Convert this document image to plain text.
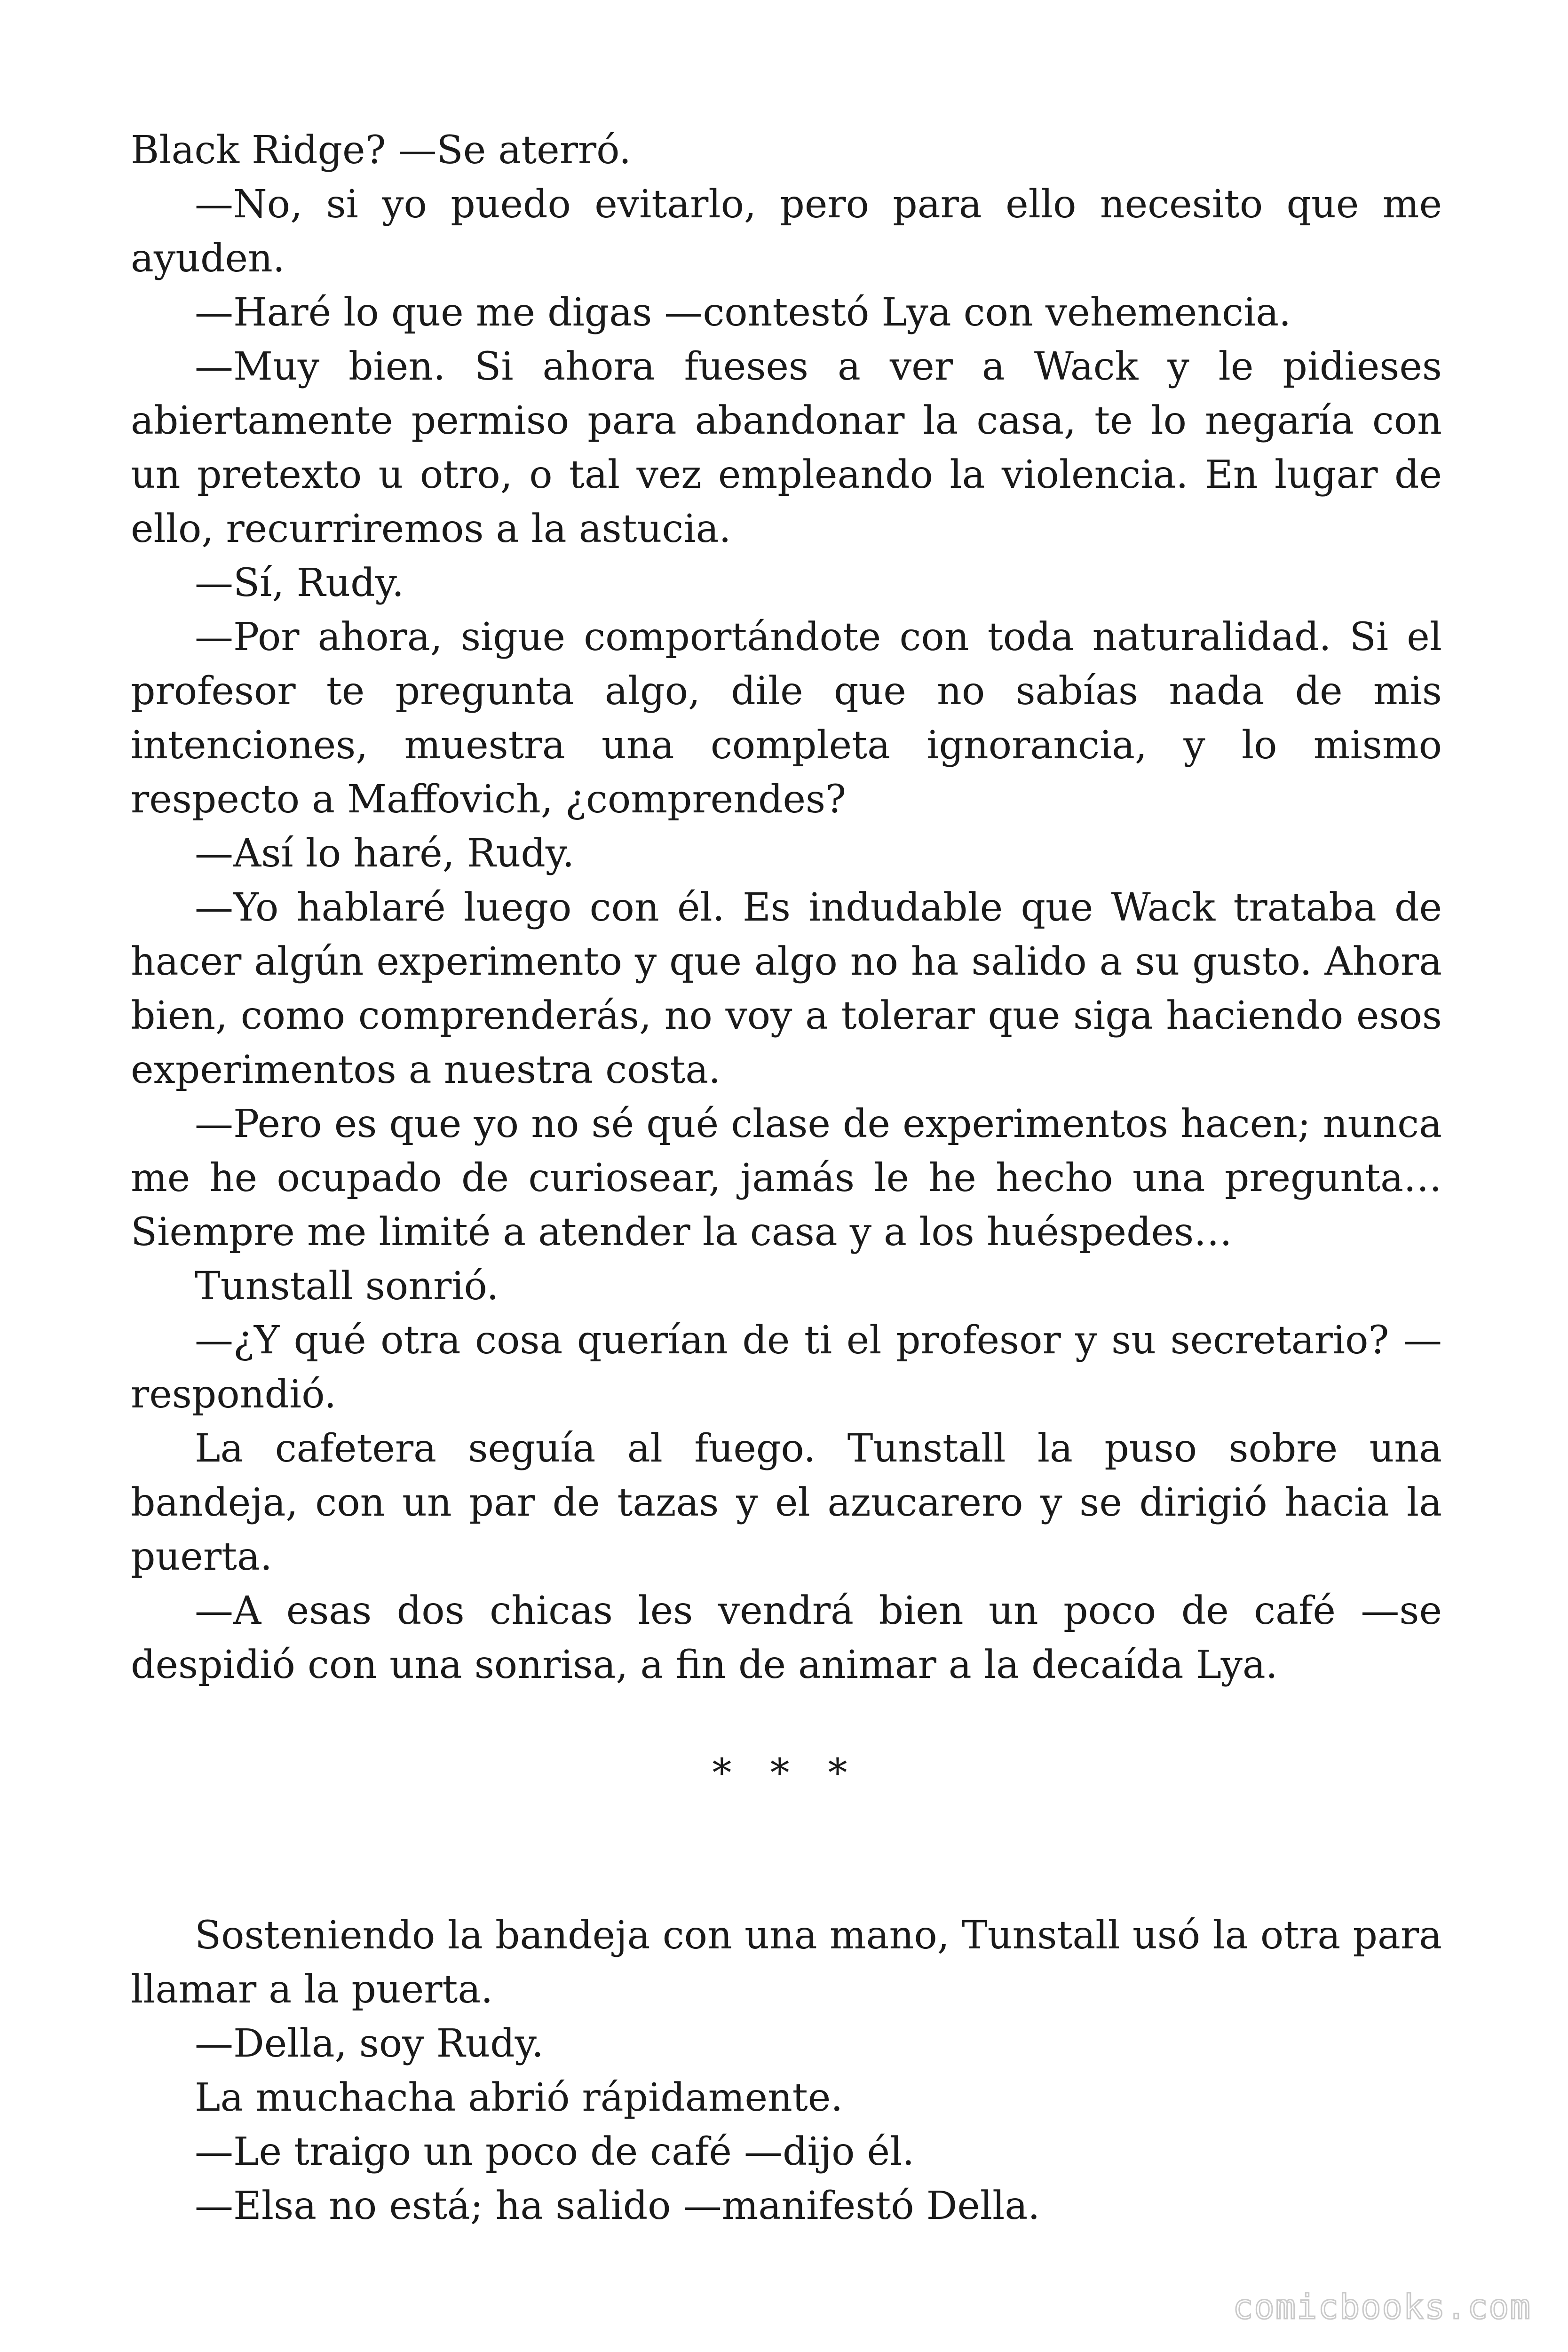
Black Ridge? —Se aterró.

—No, si yo puedo evitarlo, pero para ello necesito que me ayuden.

—Haré lo que me digas —contestó Lya con vehemencia.

—Muy bien. Si ahora fueses a ver a Wack y le pidieses abiertamente permiso para abandonar la casa, te lo negaría con un pretexto u otro, o tal vez empleando la violencia. En lugar de ello, recurriremos a la astucia.

—Sí, Rudy.

—Por ahora, sigue comportándote con toda naturalidad. Si el profesor te pregunta algo, dile que no sabías nada de mis intenciones, muestra una completa ignorancia, y lo mismo respecto a Maffovich, ¿comprendes?

—Así lo haré, Rudy.

—Yo hablaré luego con él. Es indudable que Wack trataba de hacer algún experimento y que algo no ha salido a su gusto. Ahora bien, como comprenderás, no voy a tolerar que siga haciendo esos experimentos a nuestra costa.

—Pero es que yo no sé qué clase de experimentos hacen; nunca me he ocupado de curiosear, jamás le he hecho una pregunta… Siempre me limité a atender la casa y a los huéspedes…

Tunstall sonrió.

—¿Y qué otra cosa querían de ti el profesor y su secretario? —respondió.

La cafetera seguía al fuego. Tunstall la puso sobre una bandeja, con un par de tazas y el azucarero y se dirigió hacia la puerta.

—A esas dos chicas les vendrá bien un poco de café —se despidió con una sonrisa, a fin de animar a la decaída Lya.

* * *

Sosteniendo la bandeja con una mano, Tunstall usó la otra para llamar a la puerta.

—Della, soy Rudy.

La muchacha abrió rápidamente.

—Le traigo un poco de café —dijo él.

—Elsa no está; ha salido —manifestó Della.

comicbooks.com
